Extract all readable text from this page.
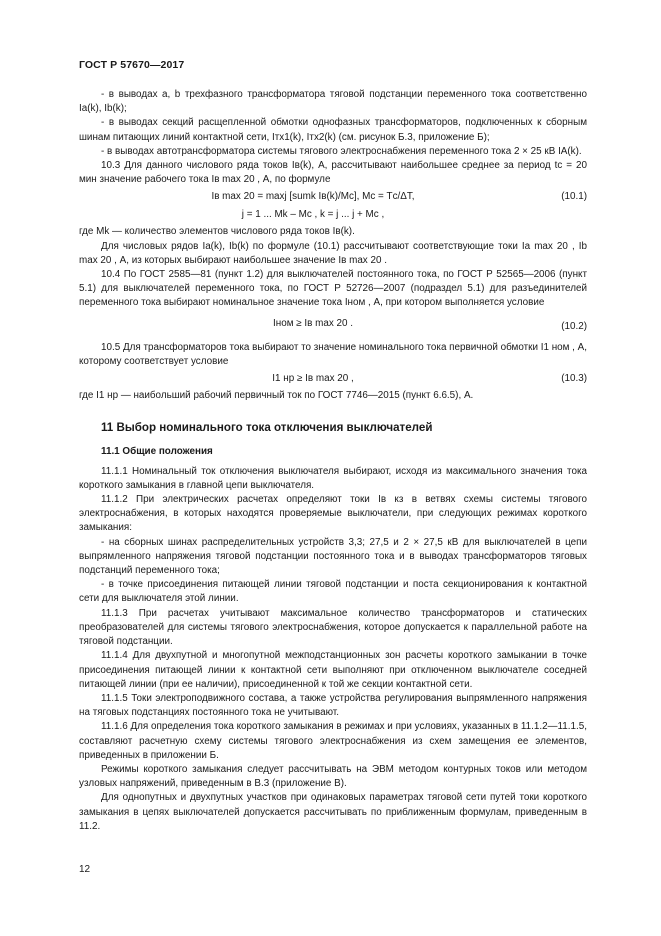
ГОСТ Р 57670—2017

- в выводах a, b трехфазного трансформатора тяговой подстанции переменного тока соответственно Iа(k), Ib(k);

- в выводах секций расщепленной обмотки однофазных трансформаторов, подключенных к сборным шинам питающих линий контактной сети, Iтх1(k), Iтх2(k) (см. рисунок Б.3, приложение Б);

- в выводах автотрансформатора системы тягового электроснабжения переменного тока 2 × 25 кВ IA(k).

10.3 Для данного числового ряда токов Iв(k), А, рассчитывают наибольшее среднее за период tс = 20 мин значение рабочего тока Iв max 20 , А, по формуле

Iв max 20 = maxj [sumk Iв(k)/Mс], Mс = Tс/ΔT,	(10.1)
j = 1 ... Mk – Mс , k = j ... j + Mс ,

где Mk — количество элементов числового ряда токов Iв(k).

Для числовых рядов Iа(k), Ib(k) по формуле (10.1) рассчитывают соответствующие токи Ia max 20 , Ib max 20 , А, из которых выбирают наибольшее значение Iв max 20 .

10.4 По ГОСТ 2585—81 (пункт 1.2) для выключателей постоянного тока, по ГОСТ Р 52565—2006 (пункт 5.1) для выключателей переменного тока, по ГОСТ Р 52726—2007 (подраздел 5.1) для разъединителей переменного тока выбирают номинальное значение тока Iном , А, при котором выполняется условие

Iном ≥ Iв max 20 .	(10.2)

10.5 Для трансформаторов тока выбирают то значение номинального тока первичной обмотки I1 ном , А, которому соответствует условие

I1 нр ≥ Iв max 20 ,	(10.3)

где I1 нр — наибольший рабочий первичный ток по ГОСТ 7746—2015 (пункт 6.6.5), А.

11 Выбор номинального тока отключения выключателей
11.1 Общие положения

11.1.1 Номинальный ток отключения выключателя выбирают, исходя из максимального значения тока короткого замыкания в главной цепи выключателя.

11.1.2 При электрических расчетах определяют токи Iв кз в ветвях схемы системы тягового электроснабжения, в которых находятся проверяемые выключатели, при следующих режимах короткого замыкания:

- на сборных шинах распределительных устройств 3,3; 27,5 и 2 × 27,5 кВ для выключателей в цепи выпрямленного напряжения тяговой подстанции постоянного тока и в выводах трансформаторов тяговых подстанций переменного тока;

- в точке присоединения питающей линии тяговой подстанции и поста секционирования к контактной сети для выключателя этой линии.

11.1.3 При расчетах учитывают максимальное количество трансформаторов и статических преобразователей для системы тягового электроснабжения, которое допускается к параллельной работе на тяговой подстанции.

11.1.4 Для двухпутной и многопутной межподстанционных зон расчеты короткого замыкании в точке присоединения питающей линии к контактной сети выполняют при отключенном выключателе соседней питающей линии (при ее наличии), присоединенной к той же секции контактной сети.

11.1.5 Токи электроподвижного состава, а также устройства регулирования выпрямленного напряжения на тяговых подстанциях постоянного тока не учитывают.

11.1.6 Для определения тока короткого замыкания в режимах и при условиях, указанных в 11.1.2—11.1.5, составляют расчетную схему системы тягового электроснабжения из схем замещения ее элементов, приведенных в приложении Б.

Режимы короткого замыкания следует рассчитывать на ЭВМ методом контурных токов или методом узловых напряжений, приведенным в В.3 (приложение В).

Для однопутных и двухпутных участков при одинаковых параметрах тяговой сети путей токи короткого замыкания в цепях выключателей допускается рассчитывать по приближенным формулам, приведенным в 11.2.

12
